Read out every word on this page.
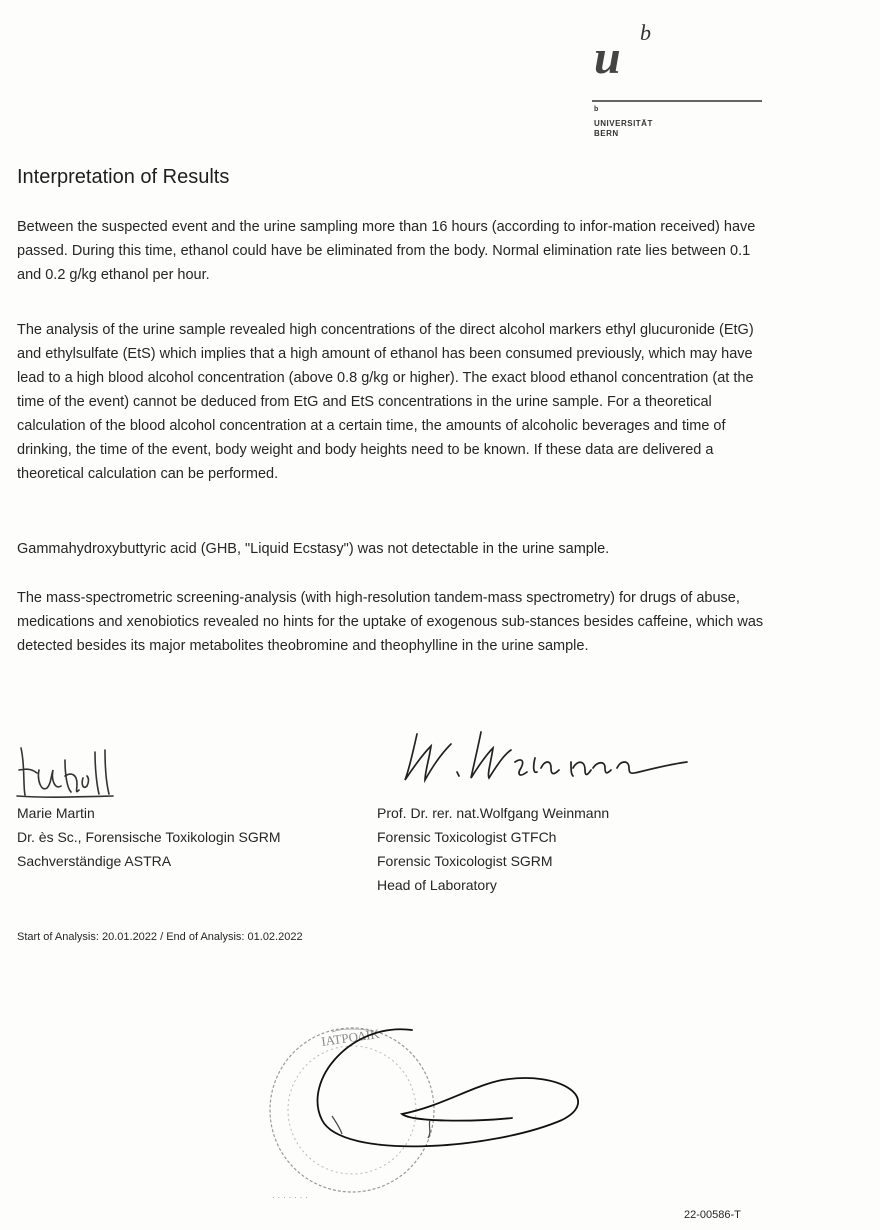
u b
b
UNIVERSITÄT
BERN
Interpretation of Results

Between the suspected event and the urine sampling more than 16 hours (according to infor-mation received) have passed. During this time, ethanol could have be eliminated from the body. Normal elimination rate lies between 0.1 and 0.2 g/kg ethanol per hour.

The analysis of the urine sample revealed high concentrations of the direct alcohol markers ethyl glucuronide (EtG) and ethylsulfate (EtS) which implies that a high amount of ethanol has been consumed previously, which may have lead to a high blood alcohol concentration (above 0.8 g/kg or higher). The exact blood ethanol concentration (at the time of the event) cannot be deduced from EtG and EtS concentrations in the urine sample. For a theoretical calculation of the blood alcohol concentration at a certain time, the amounts of alcoholic beverages and time of drinking, the time of the event, body weight and body heights need to be known. If these data are delivered a theoretical calculation can be performed.

Gammahydroxybuttyric acid (GHB, "Liquid Ecstasy") was not detectable in the urine sample.

The mass-spectrometric screening-analysis (with high-resolution tandem-mass spectrometry) for drugs of abuse, medications and xenobiotics revealed no hints for the uptake of exogenous sub-stances besides caffeine, which was detected besides its major metabolites theobromine and theophylline in the urine sample.

Marie Martin
Dr. ès Sc., Forensische Toxikologin SGRM
Sachverständige ASTRA
Prof. Dr. rer. nat.Wolfgang Weinmann
Forensic Toxicologist GTFCh
Forensic Toxicologist SGRM
Head of Laboratory
Start of Analysis: 20.01.2022 / End of Analysis: 01.02.2022
ΙΑΤΡΟΔΙΚ
· · · · · · ·
22-00586-T
